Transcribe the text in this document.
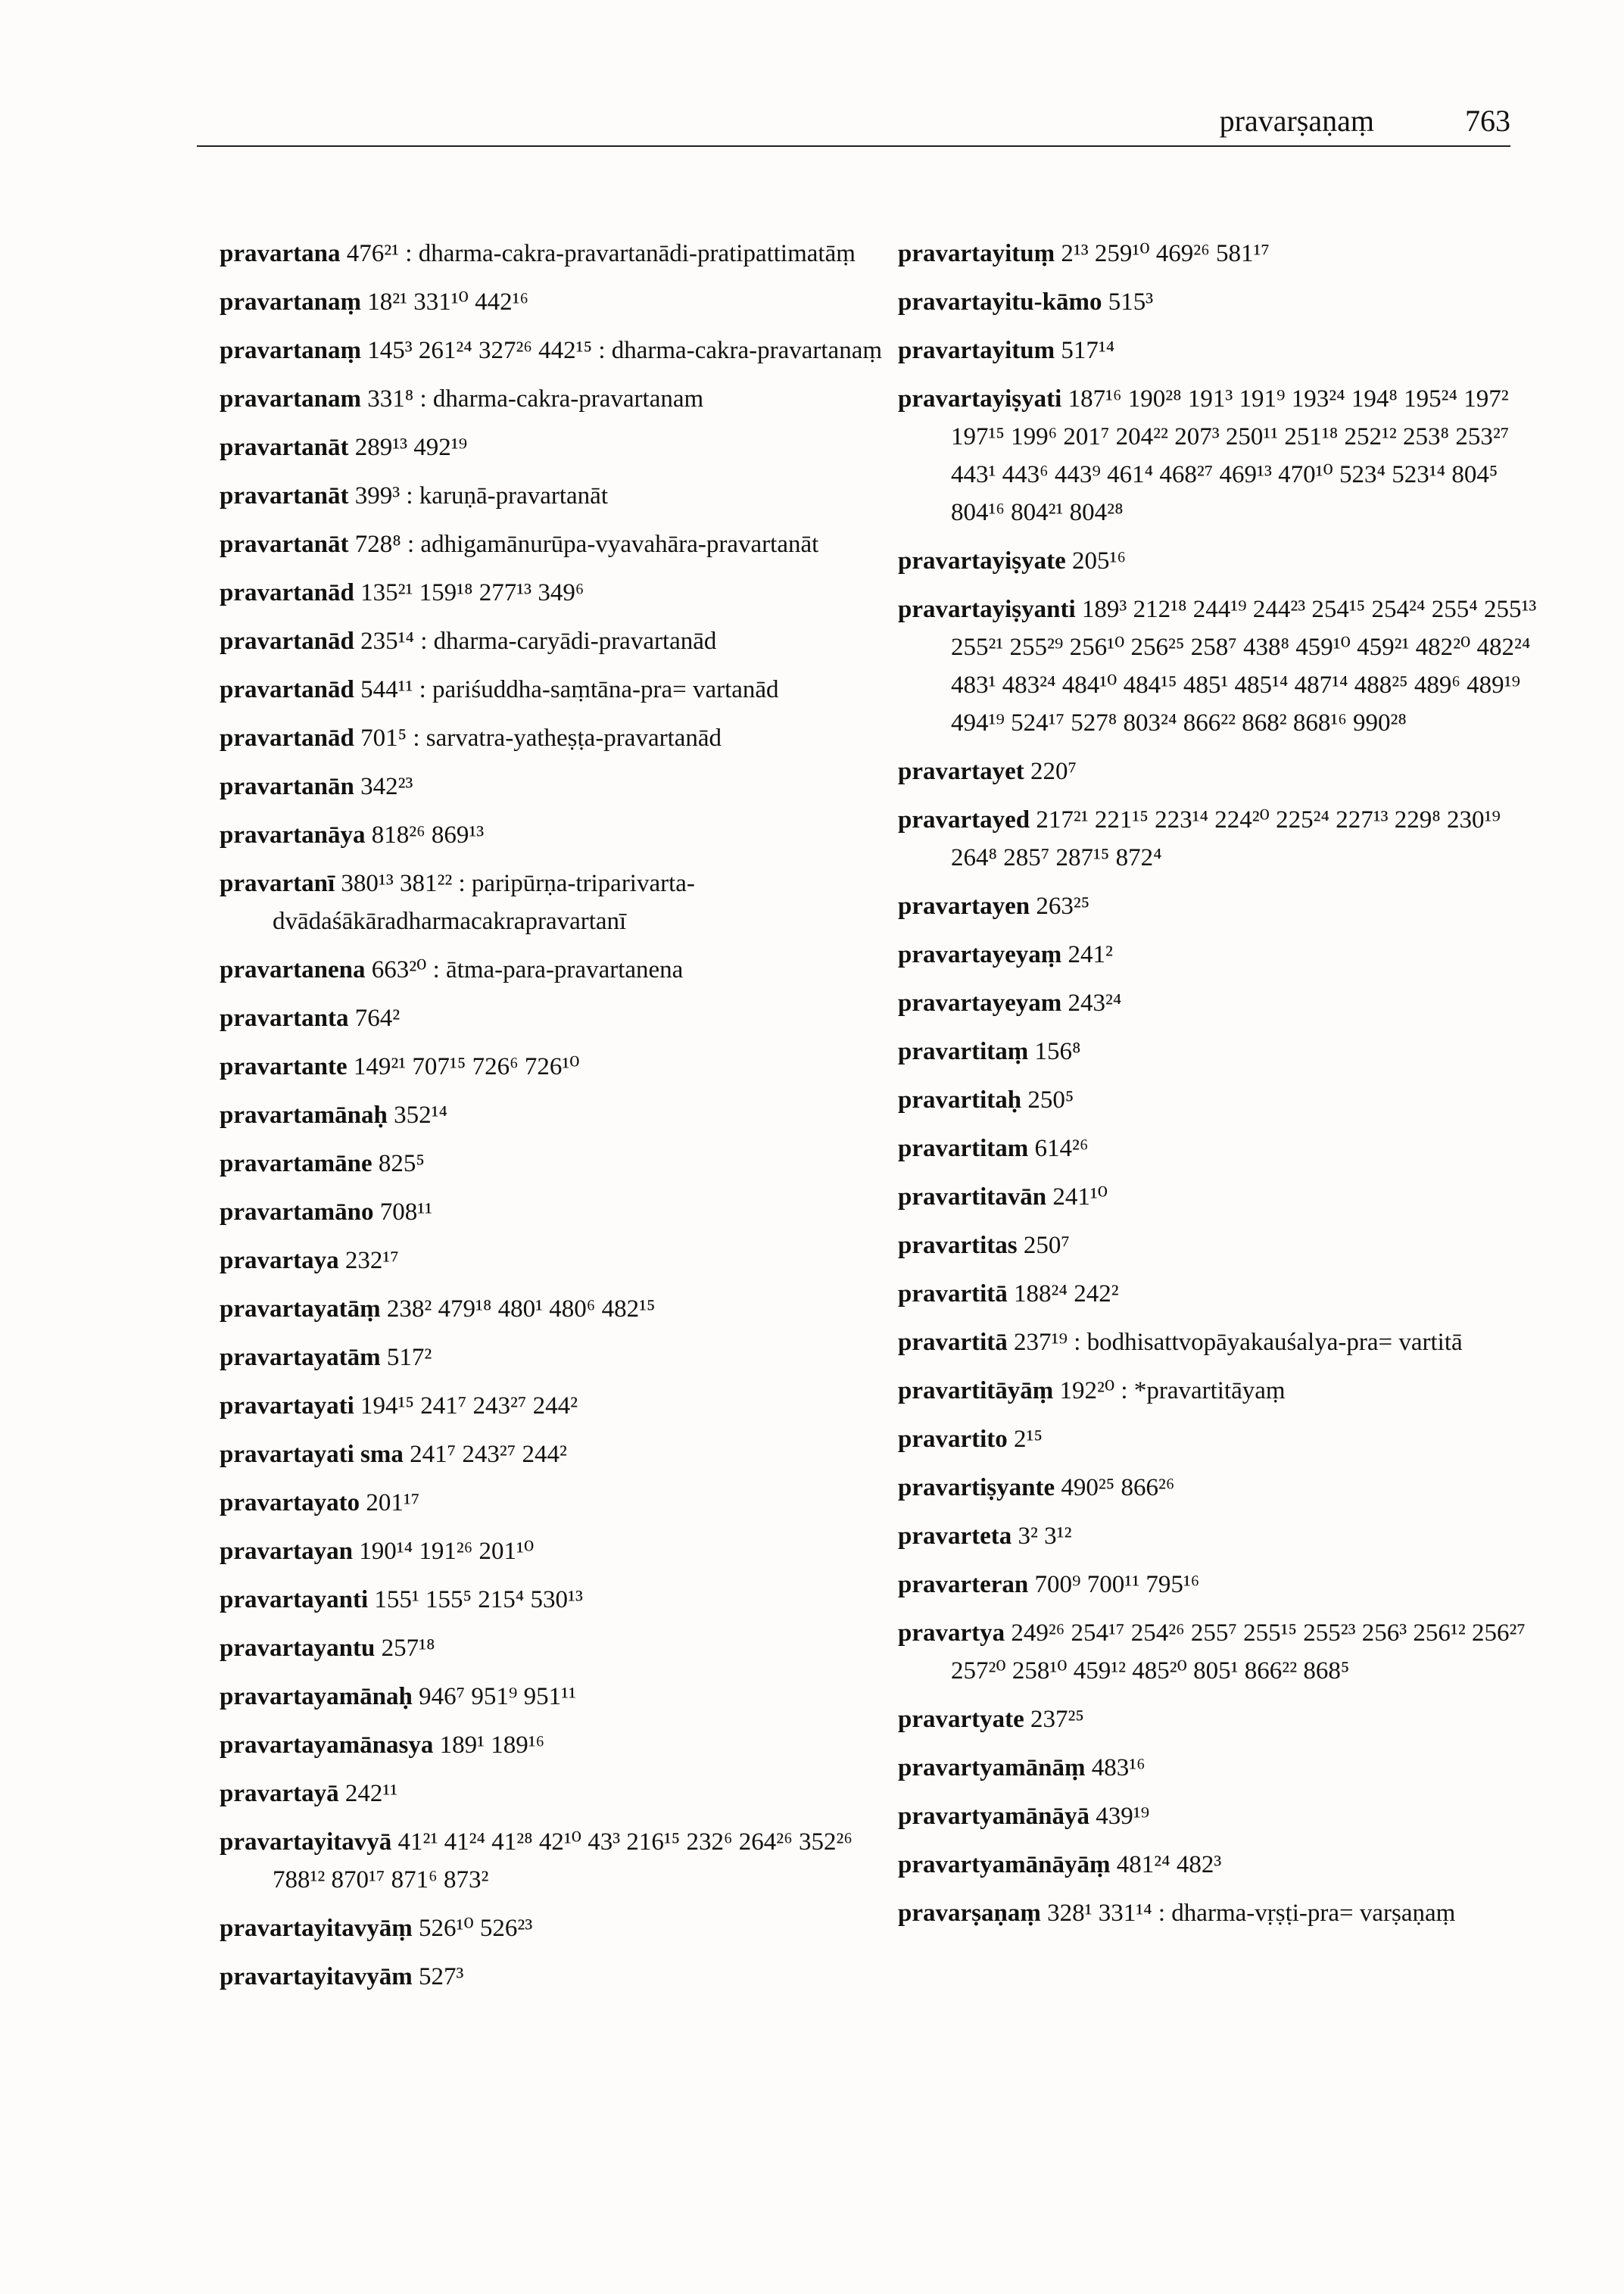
pravarṣaṇaṃ	763
pravartana 476²¹ : dharma-cakra-pravartanādi-pratipattimatāṃ
pravartanaṃ 18²¹ 331¹⁰ 442¹⁶
pravartanaṃ 145³ 261²⁴ 327²⁶ 442¹⁵ : dharma-cakra-pravartanaṃ
pravartanam 331⁸ : dharma-cakra-pravartanam
pravartanāt 289¹³ 492¹⁹
pravartanāt 399³ : karuṇā-pravartanāt
pravartanāt 728⁸ : adhigamānurūpa-vyavahāra-pravartanāt
pravartanād 135²¹ 159¹⁸ 277¹³ 349⁶
pravartanād 235¹⁴ : dharma-caryādi-pravartanād
pravartanād 544¹¹ : pariśuddha-saṃtāna-pra= vartanād
pravartanād 701⁵ : sarvatra-yatheṣṭa-pravartanād
pravartanān 342²³
pravartanāya 818²⁶ 869¹³
pravartanī 380¹³ 381²² : paripūrṇa-triparivarta-dvādaśākāradharmacakrapravartanī
pravartanena 663²⁰ : ātma-para-pravartanena
pravartanta 764²
pravartante 149²¹ 707¹⁵ 726⁶ 726¹⁰
pravartamānaḥ 352¹⁴
pravartamāne 825⁵
pravartamāno 708¹¹
pravartaya 232¹⁷
pravartayatāṃ 238² 479¹⁸ 480¹ 480⁶ 482¹⁵
pravartayatām 517²
pravartayati 194¹⁵ 241⁷ 243²⁷ 244²
pravartayati sma 241⁷ 243²⁷ 244²
pravartayato 201¹⁷
pravartayan 190¹⁴ 191²⁶ 201¹⁰
pravartayanti 155¹ 155⁵ 215⁴ 530¹³
pravartayantu 257¹⁸
pravartayamānaḥ 946⁷ 951⁹ 951¹¹
pravartayamānasya 189¹ 189¹⁶
pravartayā 242¹¹
pravartayitavyā 41²¹ 41²⁴ 41²⁸ 42¹⁰ 43³ 216¹⁵ 232⁶ 264²⁶ 352²⁶ 788¹² 870¹⁷ 871⁶ 873²
pravartayitavyāṃ 526¹⁰ 526²³
pravartayitavyām 527³
pravartayituṃ 2¹³ 259¹⁰ 469²⁶ 581¹⁷
pravartayitu-kāmo 515³
pravartayitum 517¹⁴
pravartayiṣyati 187¹⁶ 190²⁸ 191³ 191⁹ 193²⁴ 194⁸ 195²⁴ 197² 197¹⁵ 199⁶ 201⁷ 204²² 207³ 250¹¹ 251¹⁸ 252¹² 253⁸ 253²⁷ 443¹ 443⁶ 443⁹ 461⁴ 468²⁷ 469¹³ 470¹⁰ 523⁴ 523¹⁴ 804⁵ 804¹⁶ 804²¹ 804²⁸
pravartayiṣyate 205¹⁶
pravartayiṣyanti 189³ 212¹⁸ 244¹⁹ 244²³ 254¹⁵ 254²⁴ 255⁴ 255¹³ 255²¹ 255²⁹ 256¹⁰ 256²⁵ 258⁷ 438⁸ 459¹⁰ 459²¹ 482²⁰ 482²⁴ 483¹ 483²⁴ 484¹⁰ 484¹⁵ 485¹ 485¹⁴ 487¹⁴ 488²⁵ 489⁶ 489¹⁹ 494¹⁹ 524¹⁷ 527⁸ 803²⁴ 866²² 868² 868¹⁶ 990²⁸
pravartayet 220⁷
pravartayed 217²¹ 221¹⁵ 223¹⁴ 224²⁰ 225²⁴ 227¹³ 229⁸ 230¹⁹ 264⁸ 285⁷ 287¹⁵ 872⁴
pravartayen 263²⁵
pravartayeyaṃ 241²
pravartayeyam 243²⁴
pravartitaṃ 156⁸
pravartitaḥ 250⁵
pravartitam 614²⁶
pravartitavān 241¹⁰
pravartitas 250⁷
pravartitā 188²⁴ 242²
pravartitā 237¹⁹ : bodhisattvopāyakauśalya-pra= vartitā
pravartitāyāṃ 192²⁰ : *pravartitāyaṃ
pravartito 2¹⁵
pravartiṣyante 490²⁵ 866²⁶
pravarteta 3² 3¹²
pravarteran 700⁹ 700¹¹ 795¹⁶
pravartya 249²⁶ 254¹⁷ 254²⁶ 255⁷ 255¹⁵ 255²³ 256³ 256¹² 256²⁷ 257²⁰ 258¹⁰ 459¹² 485²⁰ 805¹ 866²² 868⁵
pravartyate 237²⁵
pravartyamānāṃ 483¹⁶
pravartyamānāyā 439¹⁹
pravartyamānāyāṃ 481²⁴ 482³
pravarṣaṇaṃ 328¹ 331¹⁴ : dharma-vṛṣṭi-pra= varṣaṇaṃ
